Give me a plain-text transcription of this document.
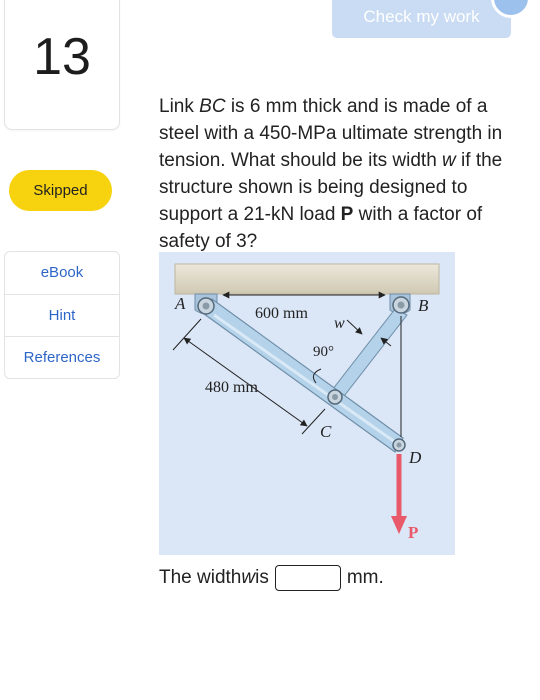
13
Skipped
eBook
Hint
References
Check my work
Link BC is 6 mm thick and is made of a steel with a 450-MPa ultimate strength in tension. What should be its width w if the structure shown is being designed to support a 21-kN load P with a factor of safety of 3?
A	B
C
D
P
w
600 mm
480 mm
90°
The width w is	mm.
